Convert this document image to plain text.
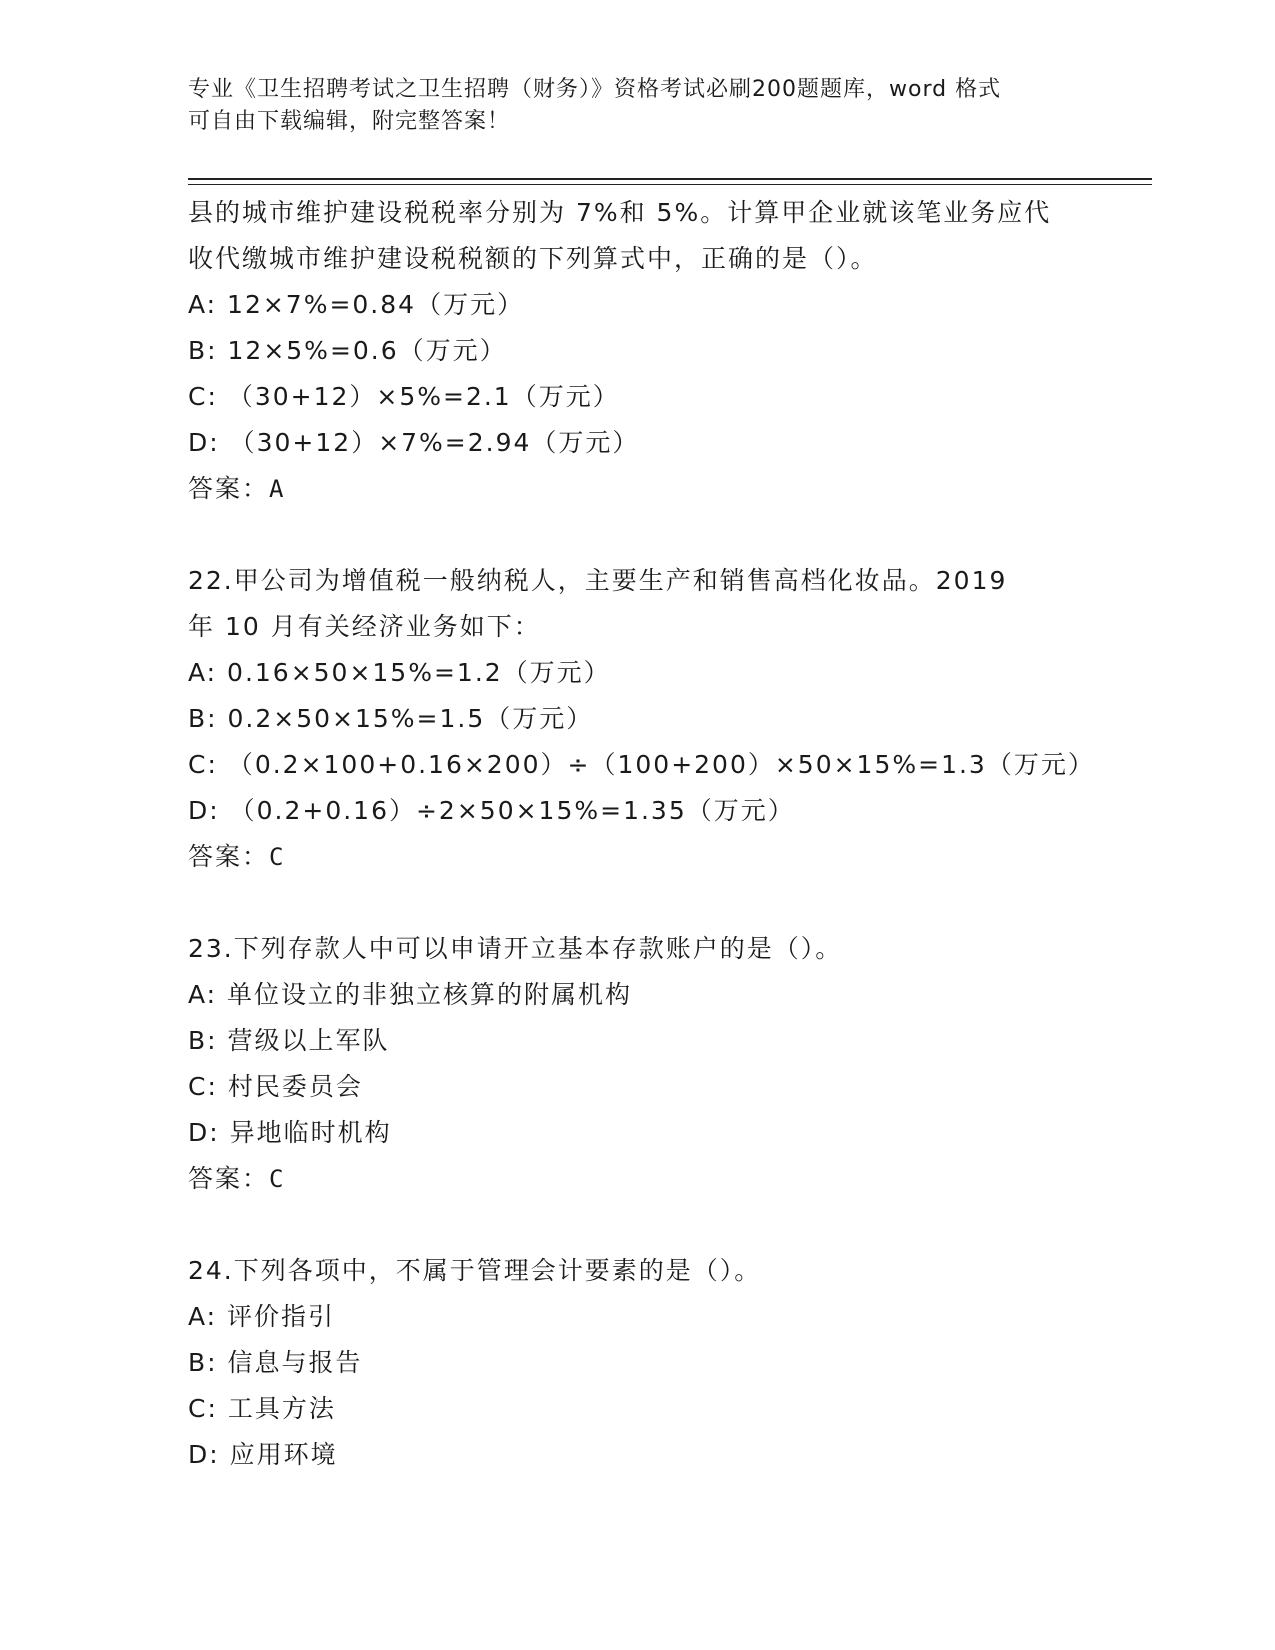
专业《卫生招聘考试之卫生招聘（财务）》资格考试必刷200题题库，word 格式
可自由下载编辑，附完整答案！
县的城市维护建设税税率分别为 7%和 5%。计算甲企业就该笔业务应代
收代缴城市维护建设税税额的下列算式中，正确的是（）。
A: 12×7%=0.84（万元）
B: 12×5%=0.6（万元）
C: （30+12）×5%=2.1（万元）
D: （30+12）×7%=2.94（万元）
答案：A
22.甲公司为增值税一般纳税人，主要生产和销售高档化妆品。2019
年 10 月有关经济业务如下：
A: 0.16×50×15%=1.2（万元）
B: 0.2×50×15%=1.5（万元）
C: （0.2×100+0.16×200）÷（100+200）×50×15%=1.3（万元）
D: （0.2+0.16）÷2×50×15%=1.35（万元）
答案：C
23.下列存款人中可以申请开立基本存款账户的是（）。
A: 单位设立的非独立核算的附属机构
B: 营级以上军队
C: 村民委员会
D: 异地临时机构
答案：C
24.下列各项中，不属于管理会计要素的是（）。
A: 评价指引
B: 信息与报告
C: 工具方法
D: 应用环境
